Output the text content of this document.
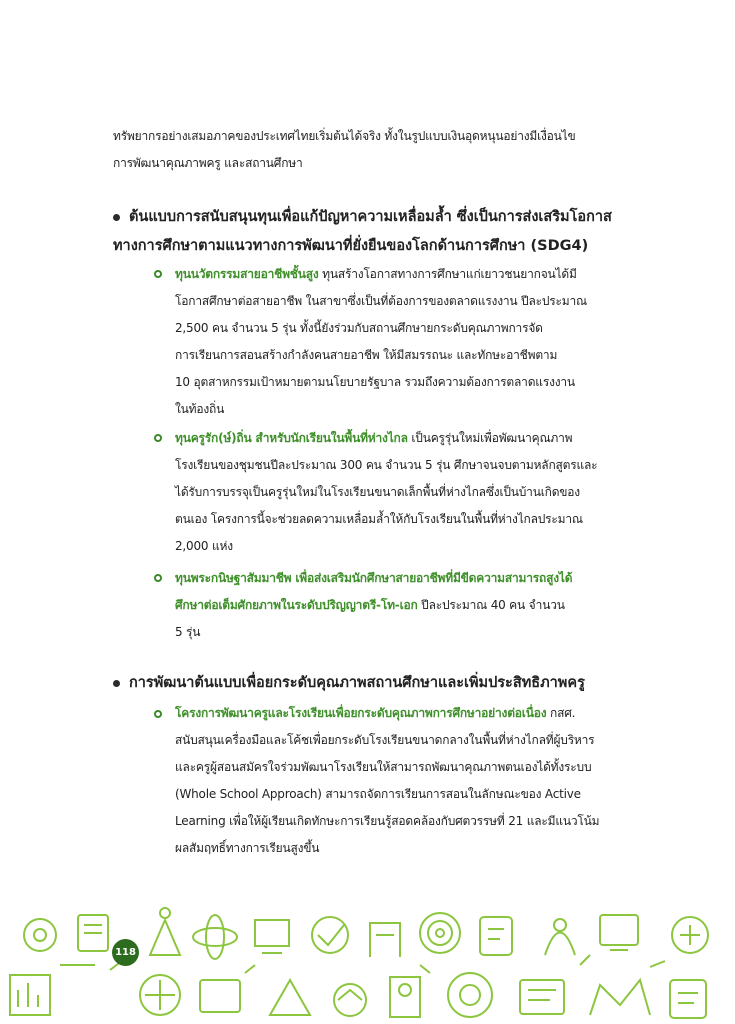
ทรัพยากรอย่างเสมอภาคของประเทศไทยเริ่มต้นได้จริง ทั้งในรูปแบบเงินอุดหนุนอย่างมีเงื่อนไข
การพัฒนาคุณภาพครู และสถานศึกษา
ต้นแบบการสนับสนุนทุนเพื่อแก้ปัญหาความเหลื่อมล้ำ ซึ่งเป็นการส่งเสริมโอกาส
ทางการศึกษาตามแนวทางการพัฒนาที่ยั่งยืนของโลกด้านการศึกษา (SDG4)
ทุนนวัตกรรมสายอาชีพชั้นสูง ทุนสร้างโอกาสทางการศึกษาแก่เยาวชนยากจนได้มี
โอกาสศึกษาต่อสายอาชีพ ในสาขาซึ่งเป็นที่ต้องการของตลาดแรงงาน ปีละประมาณ
2,500 คน จำนวน 5 รุ่น ทั้งนี้ยังร่วมกับสถานศึกษายกระดับคุณภาพการจัด
การเรียนการสอนสร้างกำลังคนสายอาชีพ ให้มีสมรรถนะ และทักษะอาชีพตาม
10 อุตสาหกรรมเป้าหมายตามนโยบายรัฐบาล รวมถึงความต้องการตลาดแรงงาน
ในท้องถิ่น
ทุนครูรัก(ษ์)ถิ่น สำหรับนักเรียนในพื้นที่ห่างไกล เป็นครูรุ่นใหม่เพื่อพัฒนาคุณภาพ
โรงเรียนของชุมชนปีละประมาณ 300 คน จำนวน 5 รุ่น ศึกษาจนจบตามหลักสูตรและ
ได้รับการบรรจุเป็นครูรุ่นใหม่ในโรงเรียนขนาดเล็กพื้นที่ห่างไกลซึ่งเป็นบ้านเกิดของ
ตนเอง โครงการนี้จะช่วยลดความเหลื่อมล้ำให้กับโรงเรียนในพื้นที่ห่างไกลประมาณ
2,000 แห่ง
ทุนพระกนิษฐาสัมมาชีพ เพื่อส่งเสริมนักศึกษาสายอาชีพที่มีขีดความสามารถสูงได้
ศึกษาต่อเต็มศักยภาพในระดับปริญญาตรี-โท-เอก ปีละประมาณ 40 คน จำนวน
5 รุ่น
การพัฒนาต้นแบบเพื่อยกระดับคุณภาพสถานศึกษาและเพิ่มประสิทธิภาพครู
โครงการพัฒนาครูและโรงเรียนเพื่อยกระดับคุณภาพการศึกษาอย่างต่อเนื่อง กสศ.
สนับสนุนเครื่องมือและโค้ชเพื่อยกระดับโรงเรียนขนาดกลางในพื้นที่ห่างไกลที่ผู้บริหาร
และครูผู้สอนสมัครใจร่วมพัฒนาโรงเรียนให้สามารถพัฒนาคุณภาพตนเองได้ทั้งระบบ
(Whole School Approach) สามารถจัดการเรียนการสอนในลักษณะของ Active
Learning เพื่อให้ผู้เรียนเกิดทักษะการเรียนรู้สอดคล้องกับศตวรรษที่ 21 และมีแนวโน้ม
ผลสัมฤทธิ์ทางการเรียนสูงขึ้น
118
